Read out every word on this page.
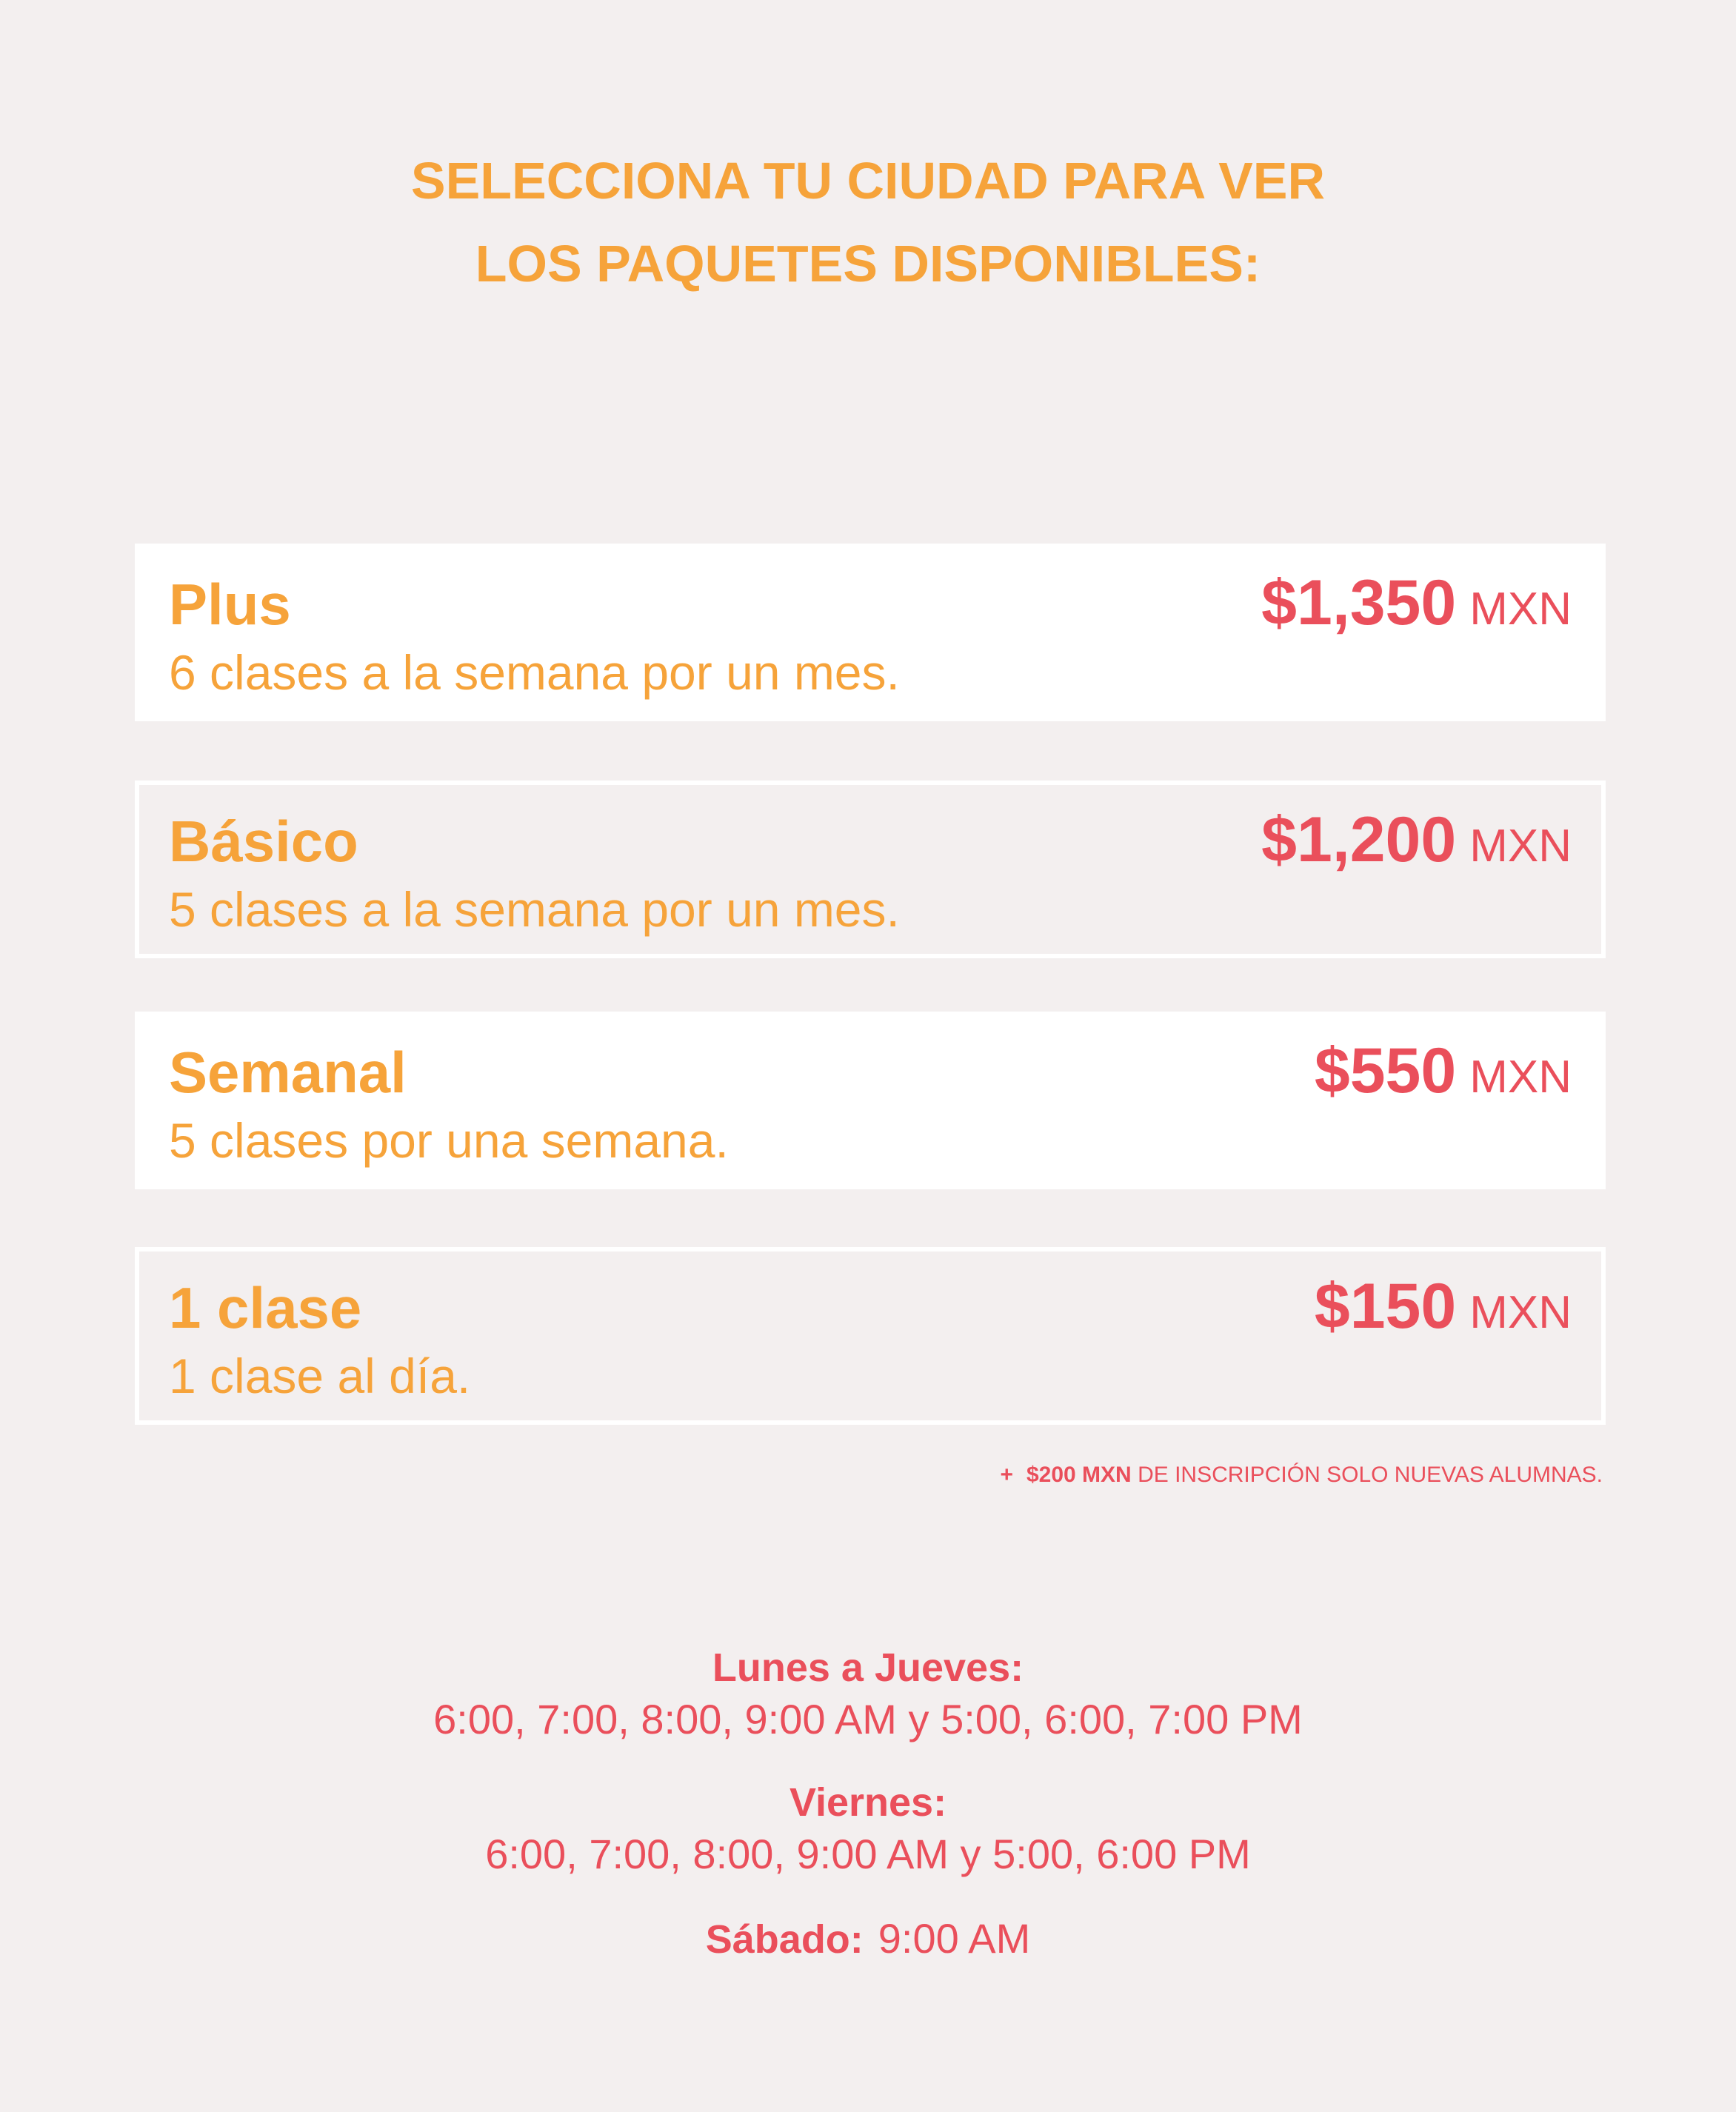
SELECCIONA TU CIUDAD PARA VER
LOS PAQUETES DISPONIBLES:
Plus
6 clases a la semana por un mes.
$1,350 MXN
Básico
5 clases a la semana por un mes.
$1,200 MXN
Semanal
5 clases por una semana.
$550 MXN
1 clase
1 clase al día.
$150 MXN
+ $200 MXN DE INSCRIPCIÓN SOLO NUEVAS ALUMNAS.
Lunes a Jueves:
6:00, 7:00, 8:00, 9:00 AM y 5:00, 6:00, 7:00 PM
Viernes:
6:00, 7:00, 8:00, 9:00 AM y 5:00, 6:00 PM
Sábado: 9:00 AM
